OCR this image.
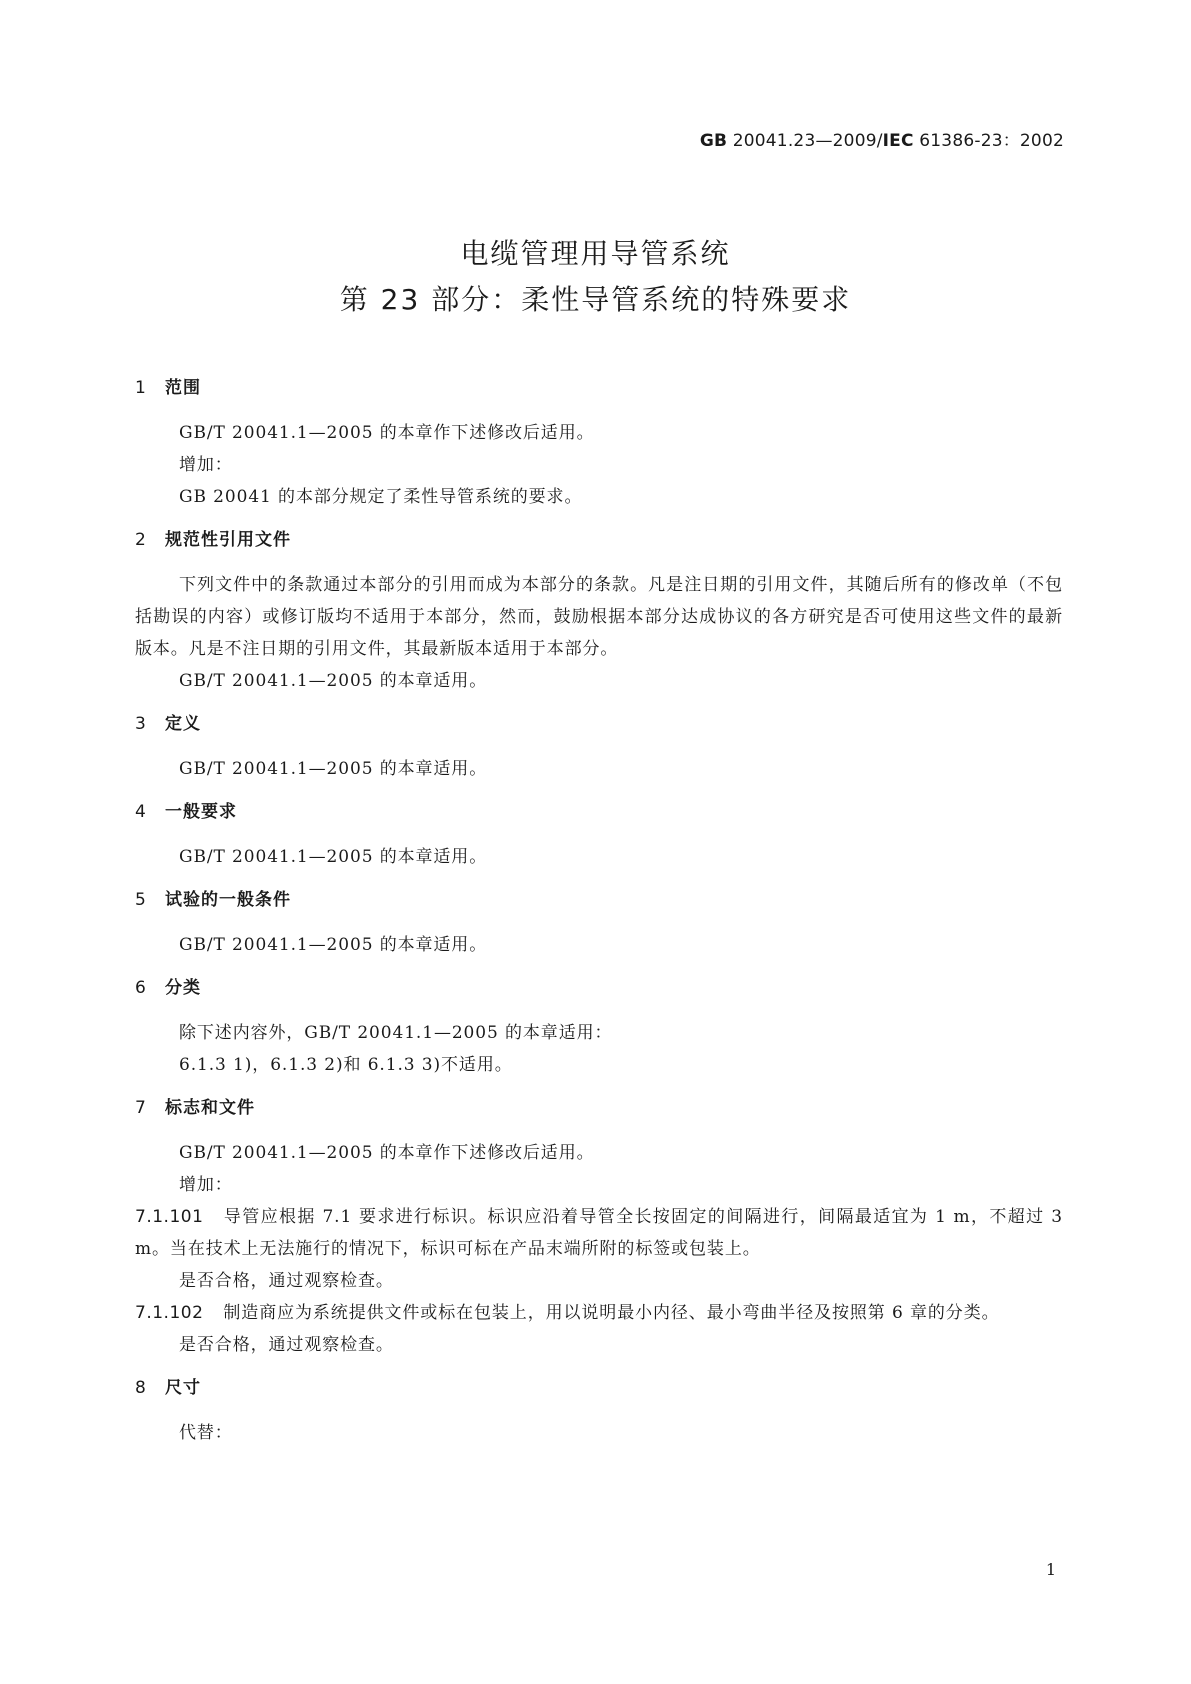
GB 20041.23—2009/IEC 61386-23：2002
电缆管理用导管系统
第 23 部分：柔性导管系统的特殊要求
1 范围

GB/T 20041.1—2005 的本章作下述修改后适用。

增加：

GB 20041 的本部分规定了柔性导管系统的要求。

2 规范性引用文件

下列文件中的条款通过本部分的引用而成为本部分的条款。凡是注日期的引用文件，其随后所有的修改单（不包括勘误的内容）或修订版均不适用于本部分，然而，鼓励根据本部分达成协议的各方研究是否可使用这些文件的最新版本。凡是不注日期的引用文件，其最新版本适用于本部分。

GB/T 20041.1—2005 的本章适用。

3 定义

GB/T 20041.1—2005 的本章适用。

4 一般要求

GB/T 20041.1—2005 的本章适用。

5 试验的一般条件

GB/T 20041.1—2005 的本章适用。

6 分类

除下述内容外，GB/T 20041.1—2005 的本章适用：

6.1.3 1)，6.1.3 2)和 6.1.3 3)不适用。

7 标志和文件

GB/T 20041.1—2005 的本章作下述修改后适用。

增加：

7.1.101 导管应根据 7.1 要求进行标识。标识应沿着导管全长按固定的间隔进行，间隔最适宜为 1 m，不超过 3 m。当在技术上无法施行的情况下，标识可标在产品末端所附的标签或包装上。

是否合格，通过观察检查。

7.1.102 制造商应为系统提供文件或标在包装上，用以说明最小内径、最小弯曲半径及按照第 6 章的分类。

是否合格，通过观察检查。

8 尺寸

代替：

1
